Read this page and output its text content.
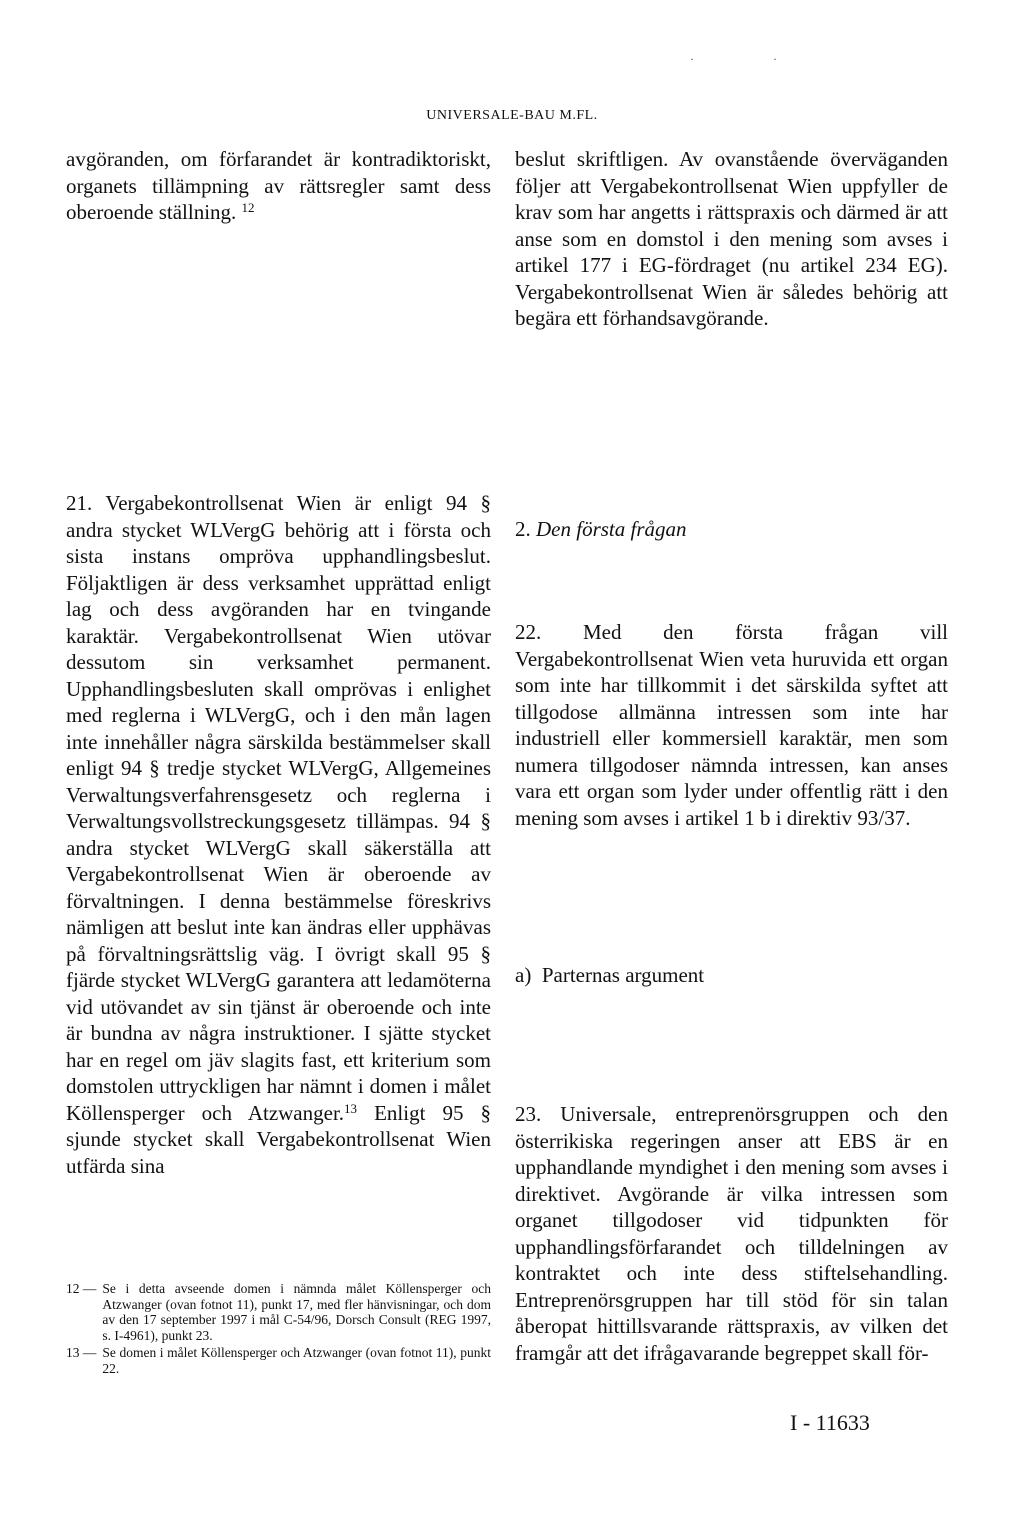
· ·
UNIVERSALE-BAU M.FL.

avgöranden, om förfarandet är kontradiktoriskt, organets tillämpning av rättsregler samt dess oberoende ställning. $^{12}$

21. Vergabekontrollsenat Wien är enligt 94 § andra stycket WLVergG behörig att i första och sista instans ompröva upphandlingsbeslut. Följaktligen är dess verksamhet upprättad enligt lag och dess avgöranden har en tvingande karaktär. Vergabekontrollsenat Wien utövar dessutom sin verksamhet permanent. Upphandlingsbesluten skall omprövas i enlighet med reglerna i WLVergG, och i den mån lagen inte innehåller några särskilda bestämmelser skall enligt 94 § tredje stycket WLVergG, Allgemeines Verwaltungsverfahrensgesetz och reglerna i Verwaltungsvollstreckungsgesetz tillämpas. 94 § andra stycket WLVergG skall säkerställa att Vergabekontrollsenat Wien är oberoende av förvaltningen. I denna bestämmelse föreskrivs nämligen att beslut inte kan ändras eller upphävas på förvaltningsrättslig väg. I övrigt skall 95 § fjärde stycket WLVergG garantera att ledamöterna vid utövandet av sin tjänst är oberoende och inte är bundna av några instruktioner. I sjätte stycket har en regel om jäv slagits fast, ett kriterium som domstolen uttryckligen har nämnt i domen i målet Köllensperger och Atzwanger.$^{13}$ Enligt 95 § sjunde stycket skall Vergabekontrollsenat Wien utfärda sina

12 — Se i detta avseende domen i nämnda målet Köllensperger och Atzwanger (ovan fotnot 11), punkt 17, med fler hänvisningar, och dom av den 17 september 1997 i mål C-54/96, Dorsch Consult (REG 1997, s. I-4961), punkt 23.
13 — Se domen i målet Köllensperger och Atzwanger (ovan fotnot 11), punkt 22.

beslut skriftligen. Av ovanstående överväganden följer att Vergabekontrollsenat Wien uppfyller de krav som har angetts i rättspraxis och därmed är att anse som en domstol i den mening som avses i artikel 177 i EG-fördraget (nu artikel 234 EG). Vergabekontrollsenat Wien är således behörig att begära ett förhandsavgörande.

2. Den första frågan

22. Med den första frågan vill Vergabekontrollsenat Wien veta huruvida ett organ som inte har tillkommit i det särskilda syftet att tillgodose allmänna intressen som inte har industriell eller kommersiell karaktär, men som numera tillgodoser nämnda intressen, kan anses vara ett organ som lyder under offentlig rätt i den mening som avses i artikel 1 b i direktiv 93/37.

a) Parternas argument

23. Universale, entreprenörsgruppen och den österrikiska regeringen anser att EBS är en upphandlande myndighet i den mening som avses i direktivet. Avgörande är vilka intressen som organet tillgodoser vid tidpunkten för upphandlingsförfarandet och tilldelningen av kontraktet och inte dess stiftelsehandling. Entreprenörsgruppen har till stöd för sin talan åberopat hittillsvarande rättspraxis, av vilken det framgår att det ifrågavarande begreppet skall för-

I - 11633
